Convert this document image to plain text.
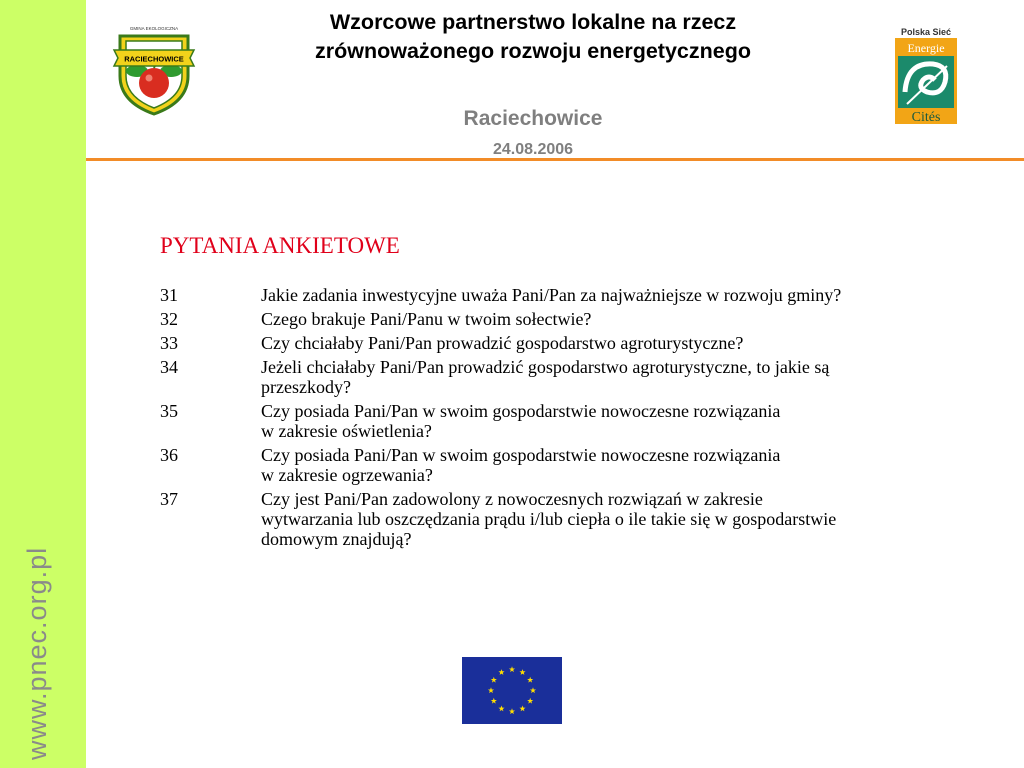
www.pnec.org.pl
GMINA EKOLOGICZNA
RACIECHOWICE
Wzorcowe partnerstwo lokalne na rzecz
zrównoważonego rozwoju energetycznego
Raciechowice
24.08.2006
Polska Sieć
Energie
Cités
PYTANIA ANKIETOWE
31	Jakie zadania inwestycyjne uważa Pani/Pan za najważniejsze w rozwoju gminy?
32	Czego brakuje Pani/Panu w twoim sołectwie?
33	Czy chciałaby Pani/Pan prowadzić gospodarstwo agroturystyczne?
34	Jeżeli chciałaby Pani/Pan prowadzić gospodarstwo agroturystyczne, to jakie są
przeszkody?
35	Czy posiada Pani/Pan w swoim gospodarstwie nowoczesne rozwiązania
w zakresie oświetlenia?
36	Czy posiada Pani/Pan w swoim gospodarstwie nowoczesne rozwiązania
w zakresie ogrzewania?
37	Czy jest Pani/Pan zadowolony z nowoczesnych rozwiązań w zakresie
wytwarzania lub oszczędzania prądu i/lub ciepła o ile takie się w gospodarstwie
domowym znajdują?
